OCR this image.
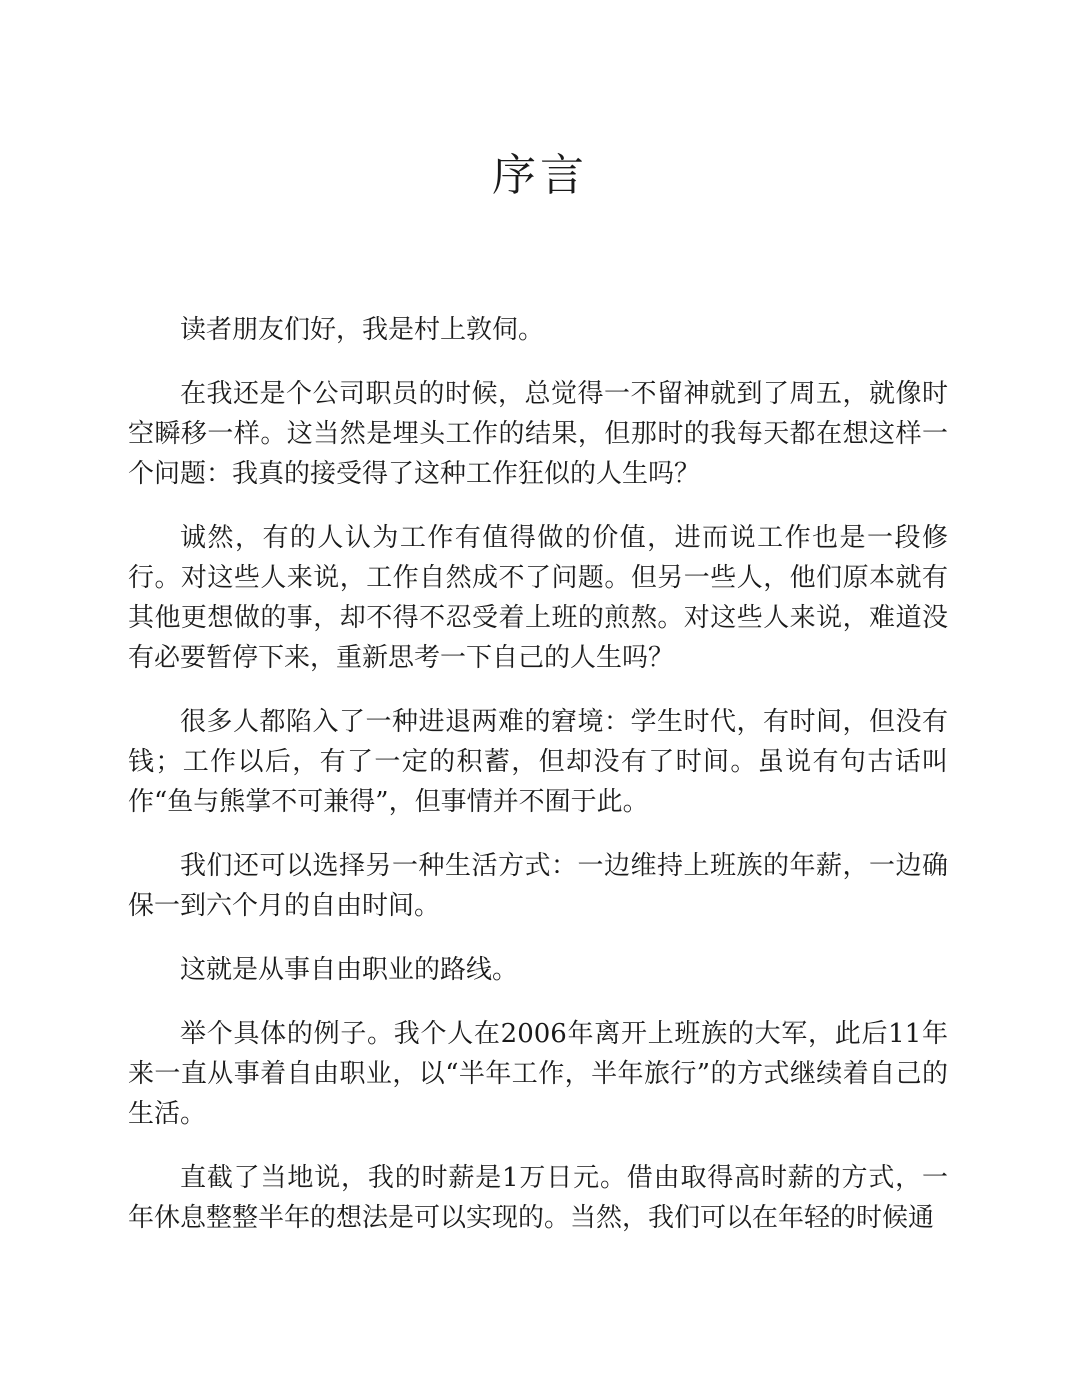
序言

读者朋友们好，我是村上敦伺。

在我还是个公司职员的时候，总觉得一不留神就到了周五，就像时空瞬移一样。这当然是埋头工作的结果，但那时的我每天都在想这样一个问题：我真的接受得了这种工作狂似的人生吗？

诚然，有的人认为工作有值得做的价值，进而说工作也是一段修行。对这些人来说，工作自然成不了问题。但另一些人，他们原本就有其他更想做的事，却不得不忍受着上班的煎熬。对这些人来说，难道没有必要暂停下来，重新思考一下自己的人生吗？

很多人都陷入了一种进退两难的窘境：学生时代，有时间，但没有钱；工作以后，有了一定的积蓄，但却没有了时间。虽说有句古话叫作“鱼与熊掌不可兼得”，但事情并不囿于此。

我们还可以选择另一种生活方式：一边维持上班族的年薪，一边确保一到六个月的自由时间。

这就是从事自由职业的路线。

举个具体的例子。我个人在2006年离开上班族的大军，此后11年来一直从事着自由职业，以“半年工作，半年旅行”的方式继续着自己的生活。

直截了当地说，我的时薪是1万日元。借由取得高时薪的方式，一年休息整整半年的想法是可以实现的。当然，我们可以在年轻的时候通
